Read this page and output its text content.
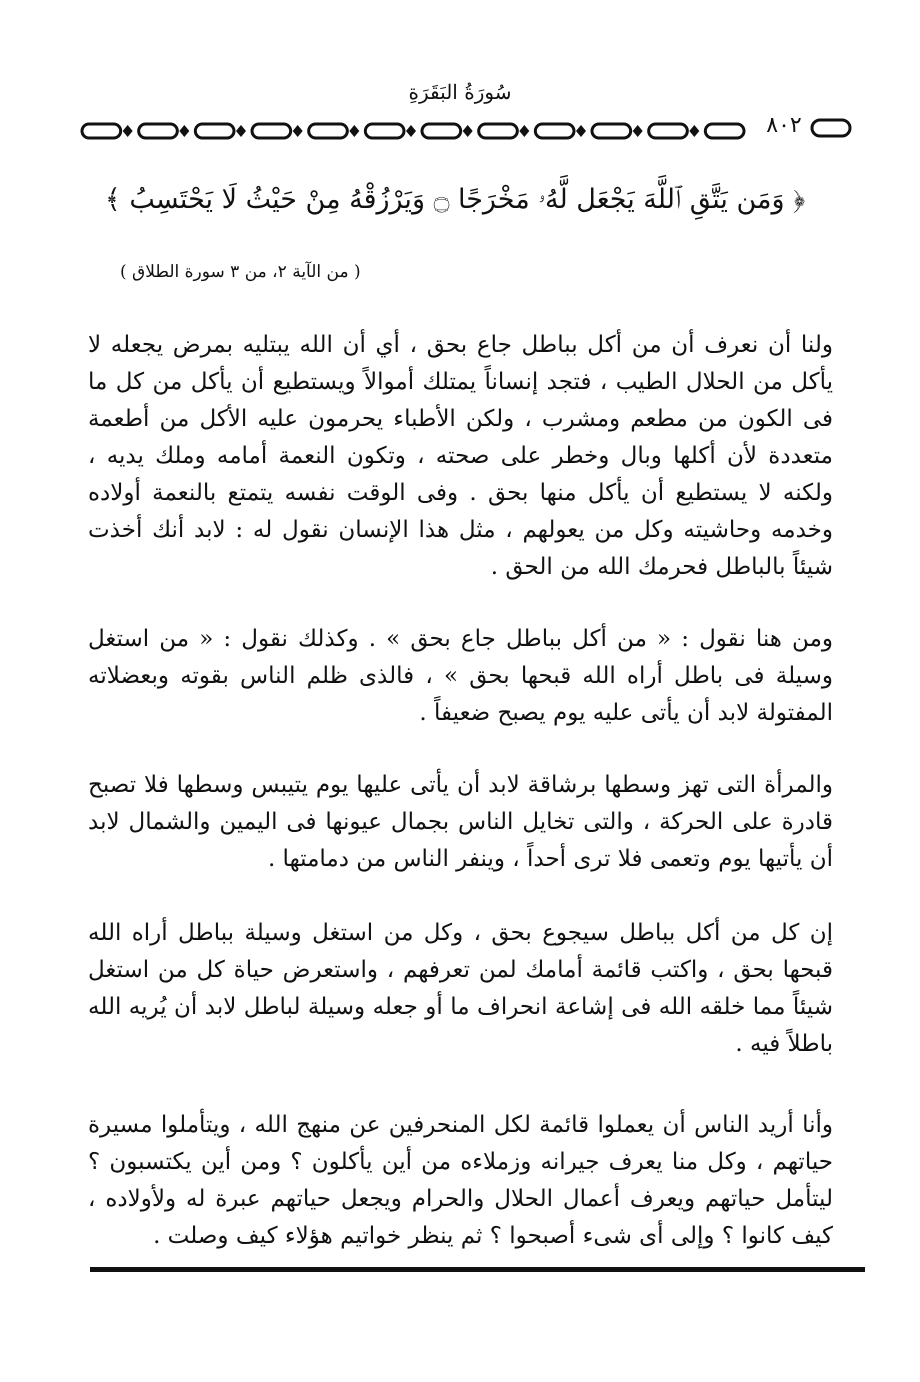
سُورَةُ البَقَرَةِ
٨٠٢
﴿ وَمَن يَتَّقِ ٱللَّهَ يَجْعَل لَّهُۥ مَخْرَجًا ۝ وَيَرْزُقْهُ مِنْ حَيْثُ لَا يَحْتَسِبُ ﴾
( من الآية ٢، من ٣ سورة الطلاق )

ولنا أن نعرف أن من أكل بباطل جاع بحق ، أي أن الله يبتليه بمرض يجعله لا يأكل من الحلال الطيب ، فتجد إنساناً يمتلك أموالاً ويستطيع أن يأكل من كل ما فى الكون من مطعم ومشرب ، ولكن الأطباء يحرمون عليه الأكل من أطعمة متعددة لأن أكلها وبال وخطر على صحته ، وتكون النعمة أمامه وملك يديه ، ولكنه لا يستطيع أن يأكل منها بحق . وفى الوقت نفسه يتمتع بالنعمة أولاده وخدمه وحاشيته وكل من يعولهم ، مثل هذا الإنسان نقول له : لابد أنك أخذت شيئاً بالباطل فحرمك الله من الحق .

ومن هنا نقول : « من أكل بباطل جاع بحق » . وكذلك نقول : « من استغل وسيلة فى باطل أراه الله قبحها بحق » ، فالذى ظلم الناس بقوته وبعضلاته المفتولة لابد أن يأتى عليه يوم يصبح ضعيفاً .

والمرأة التى تهز وسطها برشاقة لابد أن يأتى عليها يوم يتيبس وسطها فلا تصبح قادرة على الحركة ، والتى تخايل الناس بجمال عيونها فى اليمين والشمال لابد أن يأتيها يوم وتعمى فلا ترى أحداً ، وينفر الناس من دمامتها .

إن كل من أكل بباطل سيجوع بحق ، وكل من استغل وسيلة بباطل أراه الله قبحها بحق ، واكتب قائمة أمامك لمن تعرفهم ، واستعرض حياة كل من استغل شيئاً مما خلقه الله فى إشاعة انحراف ما أو جعله وسيلة لباطل لابد أن يُريه الله باطلاً فيه .

وأنا أريد الناس أن يعملوا قائمة لكل المنحرفين عن منهج الله ، ويتأملوا مسيرة حياتهم ، وكل منا يعرف جيرانه وزملاءه من أين يأكلون ؟ ومن أين يكتسبون ؟ ليتأمل حياتهم ويعرف أعمال الحلال والحرام ويجعل حياتهم عبرة له ولأولاده ، كيف كانوا ؟ وإلى أى شىء أصبحوا ؟ ثم ينظر خواتيم هؤلاء كيف وصلت .
